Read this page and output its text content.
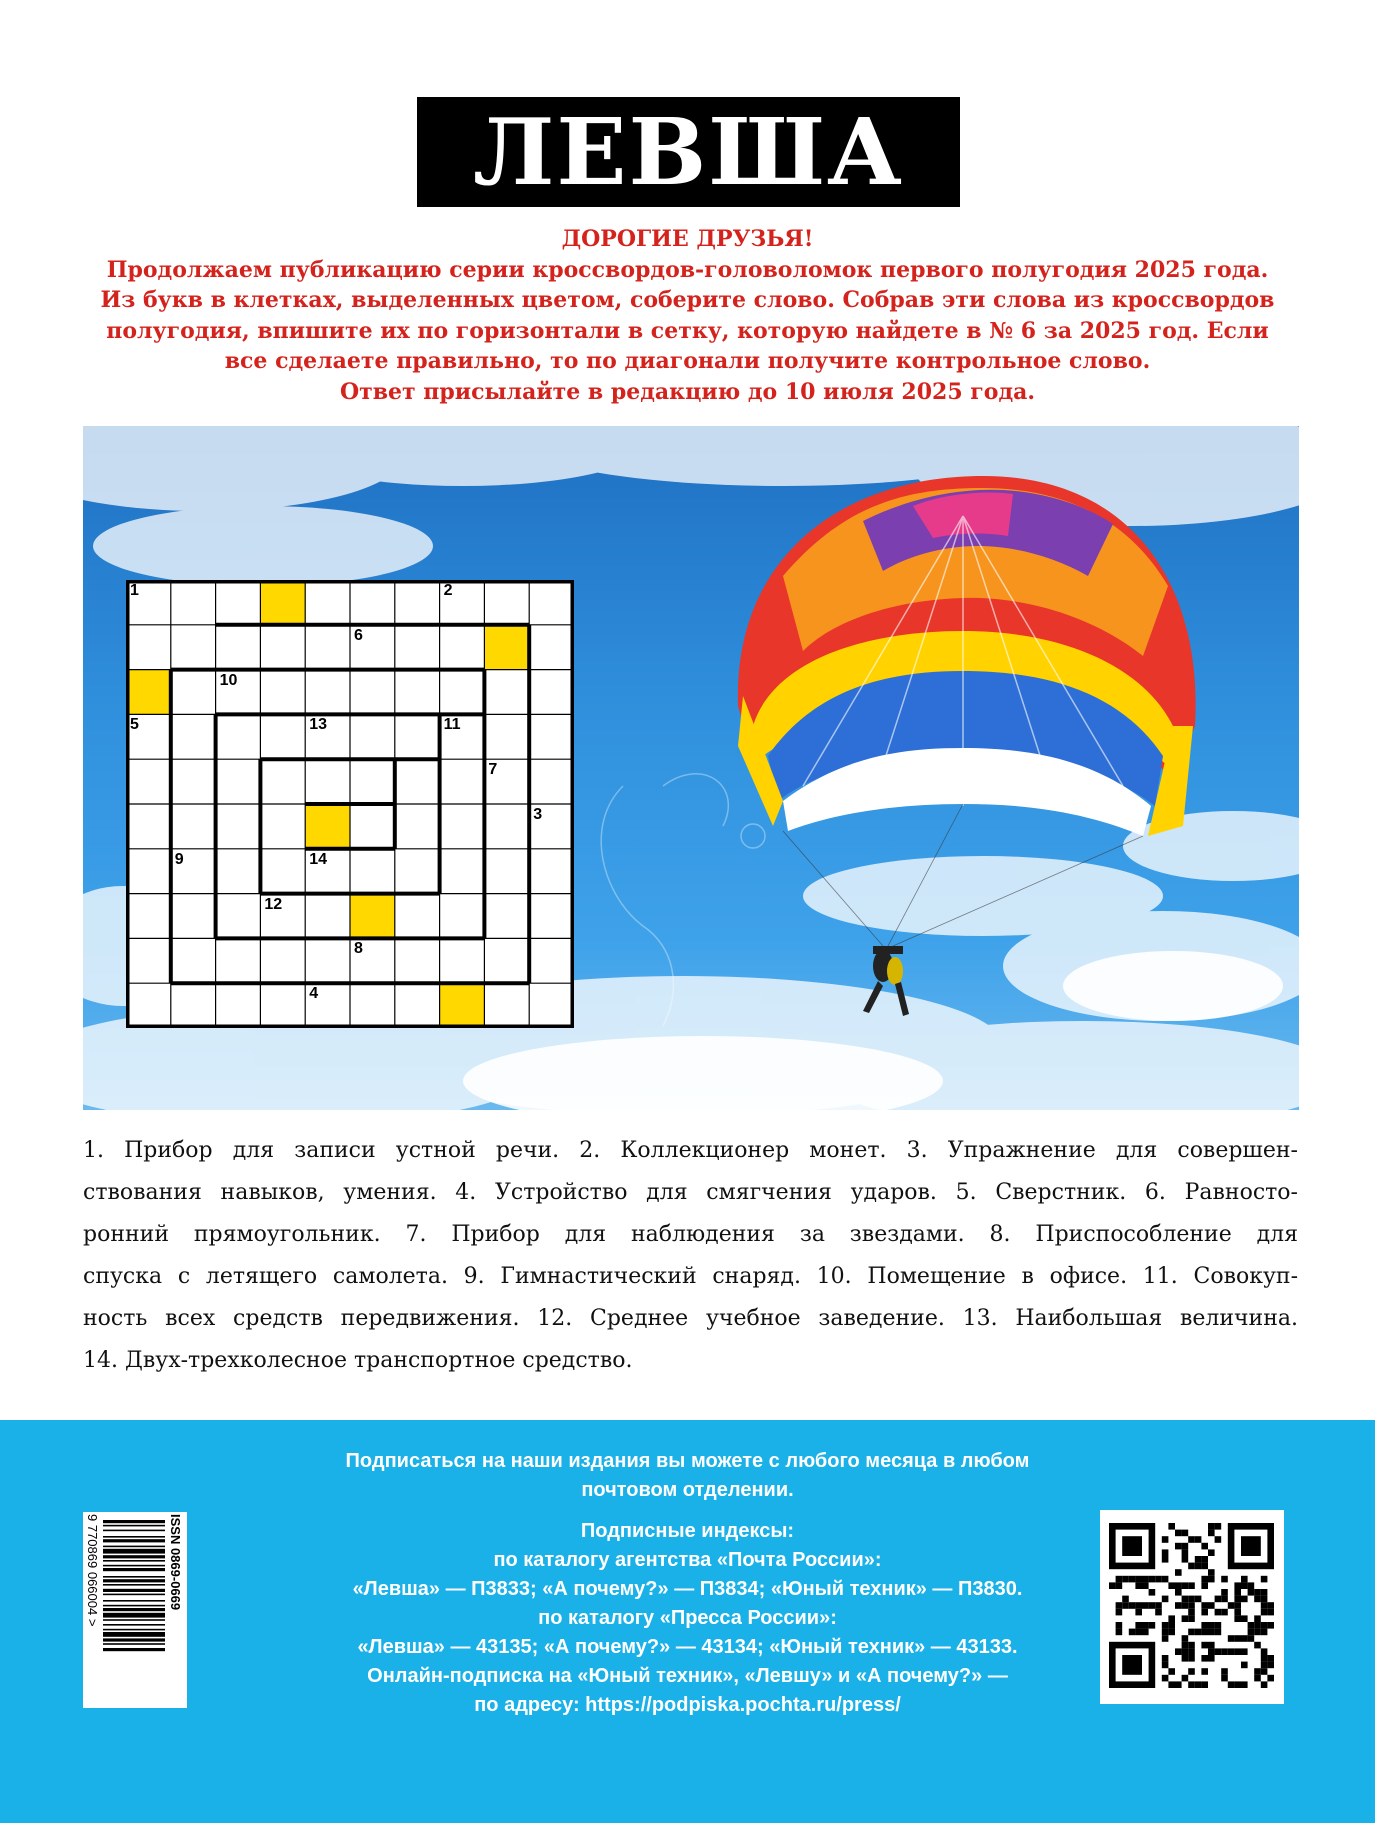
ЛЕВША
ДОРОГИЕ ДРУЗЬЯ!
Продолжаем публикацию серии кроссвордов-головоломок первого полугодия 2025 года.
Из букв в клетках, выделенных цветом, соберите слово. Собрав эти слова из кроссвордов
полугодия, впишите их по горизонтали в сетку, которую найдете в № 6 за 2025 год. Если
все сделаете правильно, то по диагонали получите контрольное слово.
Ответ присылайте в редакцию до 10 июля 2025 года.
1	2
6
10
5	13	11
7
3
9	14
12
8
4
1. Прибор для записи устной речи. 2. Коллекционер монет. 3. Упражнение для совершен-
ствования навыков, умения. 4. Устройство для смягчения ударов. 5. Сверстник. 6. Равносто-
ронний прямоугольник. 7. Прибор для наблюдения за звездами. 8. Приспособление для
спуска с летящего самолета. 9. Гимнастический снаряд. 10. Помещение в офисе. 11. Совокуп-
ность всех средств передвижения. 12. Среднее учебное заведение. 13. Наибольшая величина.
14. Двух-трехколесное транспортное средство.
Подписаться на наши издания вы можете с любого месяца в любом
почтовом отделении.
Подписные индексы:
по каталогу агентства «Почта России»:
«Левша» — П3833; «А почему?» — П3834; «Юный техник» — П3830.
по каталогу «Пресса России»:
«Левша» — 43135; «А почему?» — 43134; «Юный техник» — 43133.
Онлайн-подписка на «Юный техник», «Левшу» и «А почему?» —
по адресу: https://podpiska.pochta.ru/press/
ISSN 0869-0669
9 770869 066004 >
